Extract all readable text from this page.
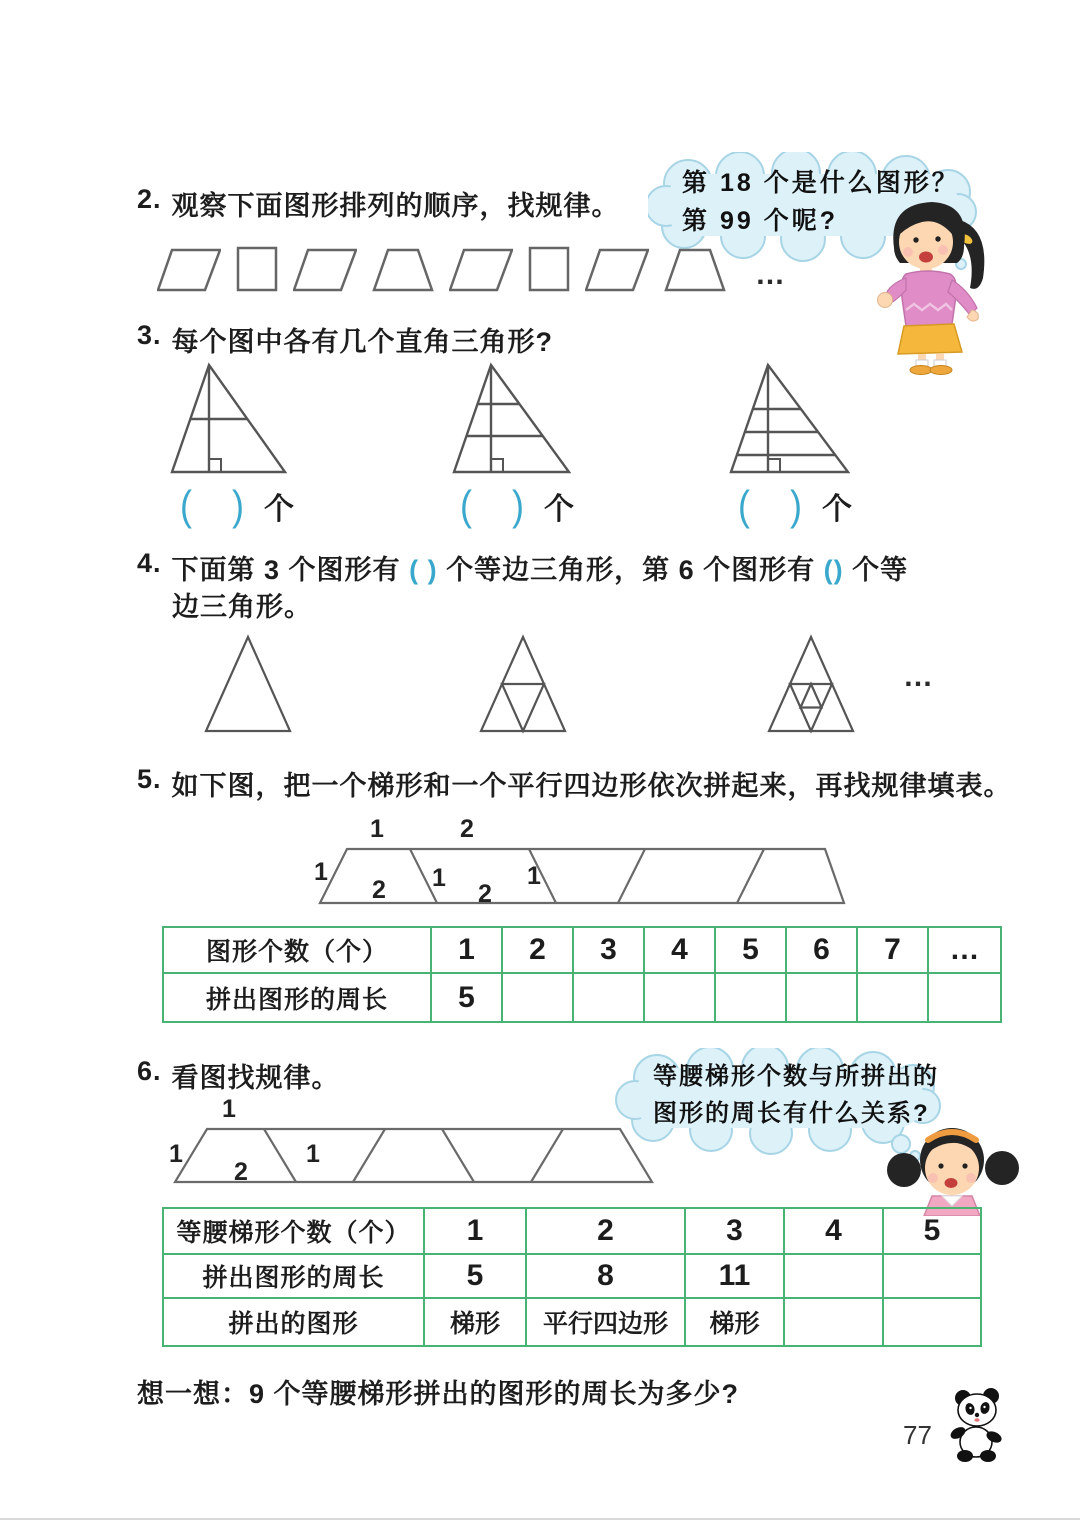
2. 观察下面图形排列的顺序，找规律。
第 18 个是什么图形？
第 99 个呢?
…
3. 每个图中各有几个直角三角形?
( ) 个	( ) 个	( ) 个
4. 下面第 3 个图形有 ( ) 个等边三角形，第 6 个图形有 () 个等
边三角形。
…
5. 如下图，把一个梯形和一个平行四边形依次拼起来，再找规律填表。
1	2
1
2 1
2
1
图形个数（个）	1	2	3	4	5	6	7	…
拼出图形的周长	5							
6. 看图找规律。	等腰梯形个数与所拼出的
图形的周长有什么关系?
1
1
2
1
等腰梯形个数（个）	1	2	3	4	5
拼出图形的周长	5	8	11		
拼出的图形	梯形	平行四边形	梯形		
想一想：9 个等腰梯形拼出的图形的周长为多少?
77
